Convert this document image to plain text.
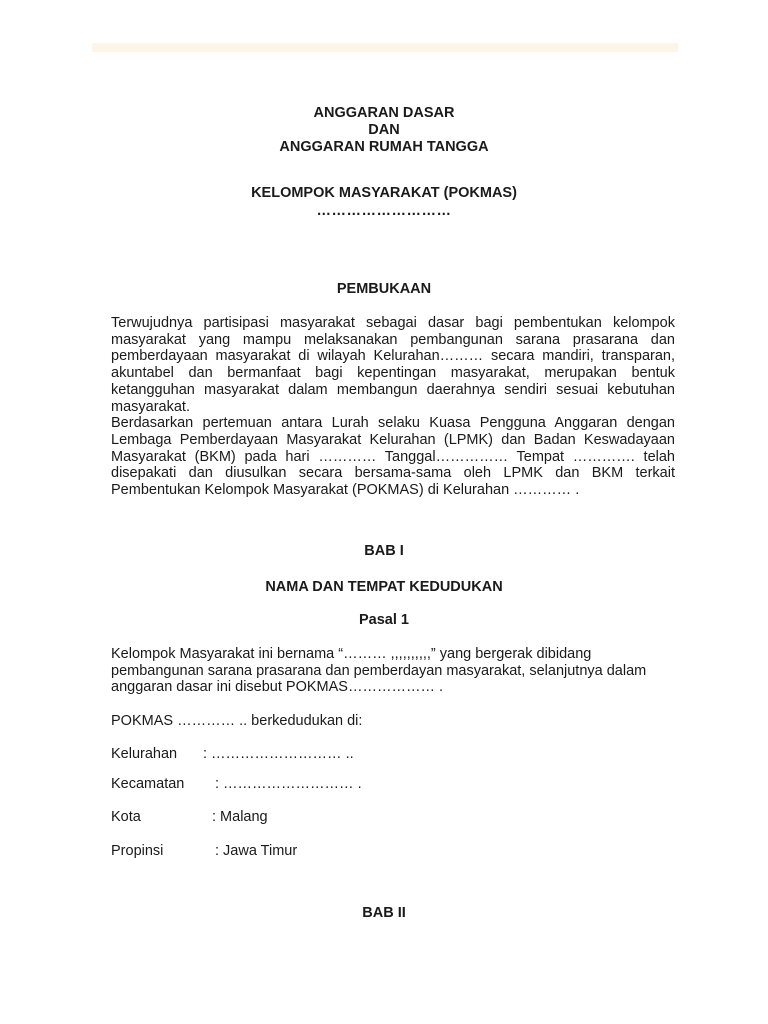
ANGGARAN DASAR
DAN
ANGGARAN RUMAH TANGGA
KELOMPOK MASYARAKAT (POKMAS)
………………………
PEMBUKAAN

Terwujudnya partisipasi masyarakat sebagai dasar bagi pembentukan kelompok masyarakat yang mampu melaksanakan pembangunan sarana prasarana dan pemberdayaan masyarakat di wilayah Kelurahan……… secara mandiri, transparan, akuntabel dan bermanfaat bagi kepentingan masyarakat, merupakan bentuk ketangguhan masyarakat dalam membangun daerahnya sendiri sesuai kebutuhan masyarakat.

Berdasarkan pertemuan antara Lurah selaku Kuasa Pengguna Anggaran dengan Lembaga Pemberdayaan Masyarakat Kelurahan (LPMK) dan Badan Keswadayaan Masyarakat (BKM) pada hari ………… Tanggal…………… Tempat …………. telah disepakati dan diusulkan secara bersama-sama oleh LPMK dan BKM terkait Pembentukan Kelompok Masyarakat (POKMAS) di Kelurahan ………… .

BAB I
NAMA DAN TEMPAT KEDUDUKAN
Pasal 1
Kelompok Masyarakat ini bernama “……… ,,,,,,,,,,” yang bergerak dibidang pembangunan sarana prasarana dan pemberdayan masyarakat, selanjutnya dalam anggaran dasar ini disebut POKMAS……………… .
POKMAS ………… .. berkedudukan di:
Kelurahan : ……………………… ..
Kecamatan : ……………………… .
Kota	: Malang
Propinsi	: Jawa Timur
BAB II
